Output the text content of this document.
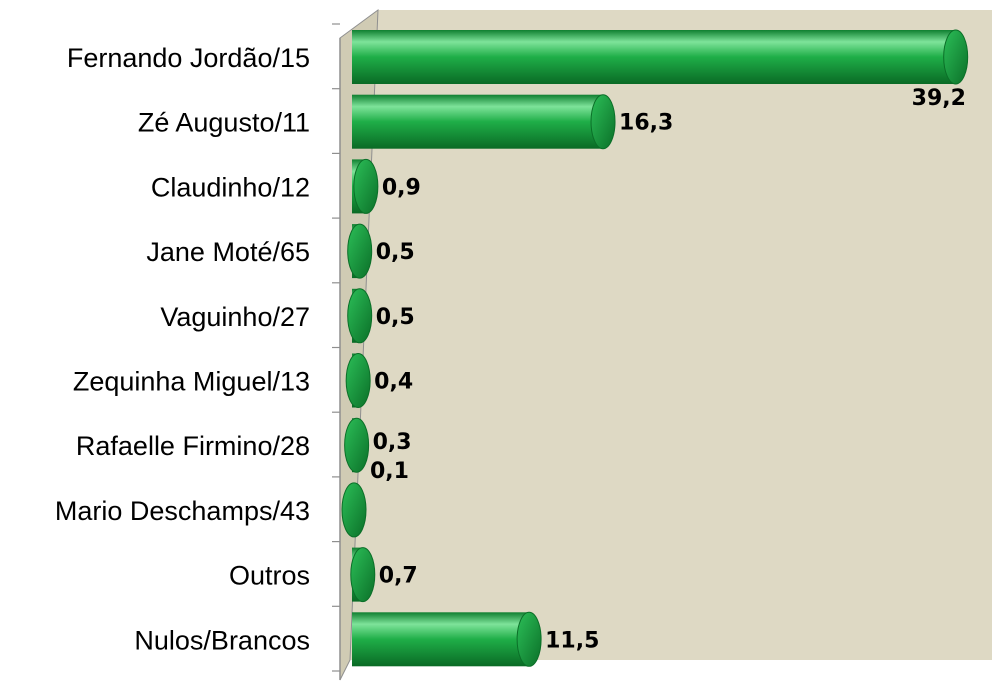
Fernando Jordão/15
39,2
Zé Augusto/11	16,3
Claudinho/12	0,9
Jane Moté/65	0,5
Vaguinho/27	0,5
Zequinha Miguel/13	0,4
Rafaelle Firmino/28	0,3
Mario Deschamps/43
0,1
Outros	0,7
Nulos/Brancos	11,5
